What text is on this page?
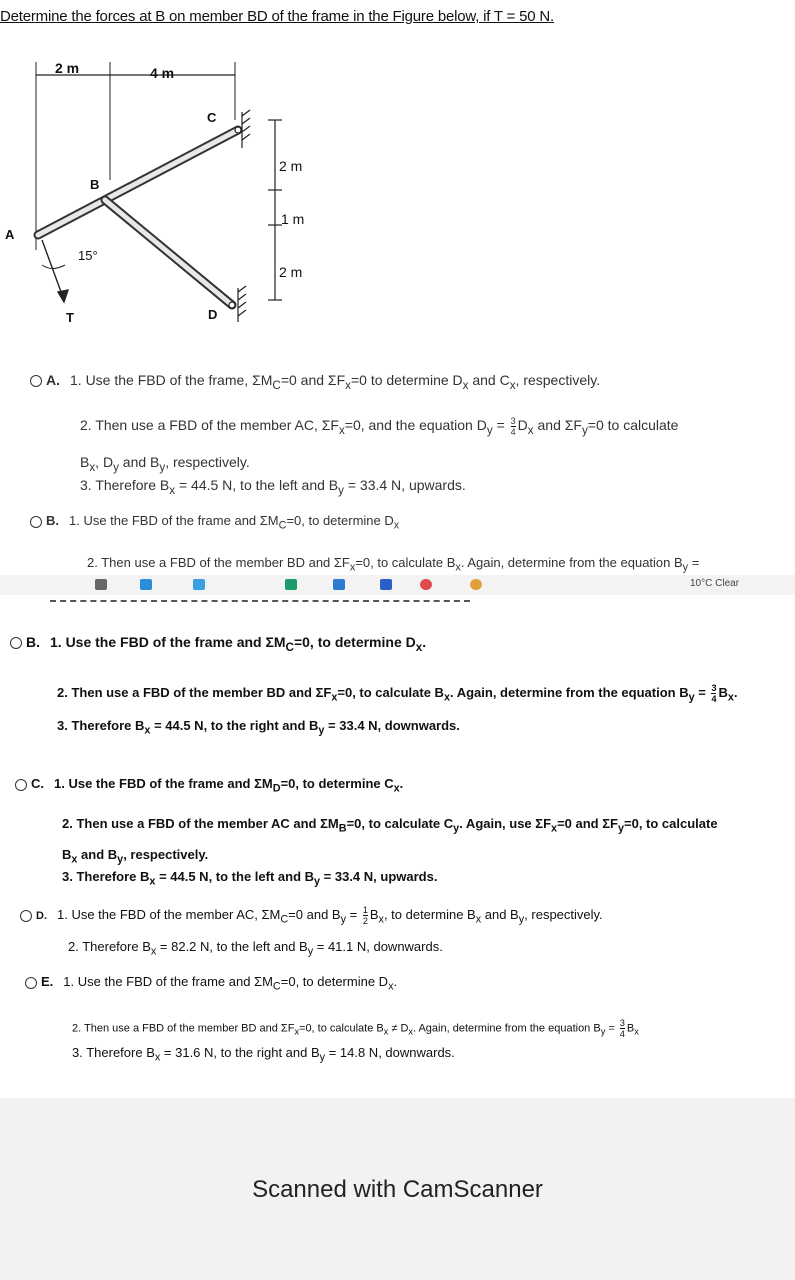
Determine the forces at B on member BD of the frame in the Figure below, if T = 50 N.
2 m	4 m
A
B
C
D
T
15°
2 m
1 m
2 m
A. 1. Use the FBD of the frame, $\Sigma M_C=0$ and $\Sigma F_x=0$ to determine $D_x$ and $C_x$, respectively.
2. Then use a FBD of the member AC, $\Sigma F_x=0$, and the equation $D_y = \frac{3}{4} D_x$ and $\Sigma F_y=0$ to calculate
$B_x$, $D_y$ and $B_y$, respectively.
3. Therefore $B_x = 44.5$ N, to the left and $B_y = 33.4$ N, upwards.
B. 1. Use the FBD of the frame and $\Sigma M_C=0$, to determine $D_x$
2. Then use a FBD of the member BD and $\Sigma F_x=0$, to calculate $B_x$. Again, determine from the equation $B_y$ =
10°C Clear
B. 1. Use the FBD of the frame and $\Sigma M_C=0$, to determine $D_x$.
2. Then use a FBD of the member BD and $\Sigma F_x=0$, to calculate $B_x$. Again, determine from the equation $B_y = \frac{3}{4} B_x$.
3. Therefore $B_x = 44.5$ N, to the right and $B_y = 33.4$ N, downwards.
C. 1. Use the FBD of the frame and $\Sigma M_D=0$, to determine $C_x$.
2. Then use a FBD of the member AC and $\Sigma M_B=0$, to calculate $C_y$. Again, use $\Sigma F_x=0$ and $\Sigma F_y=0$, to calculate
$B_x$ and $B_y$, respectively.
3. Therefore $B_x = 44.5$ N, to the left and $B_y = 33.4$ N, upwards.
D. 1. Use the FBD of the member AC, $\Sigma M_C=0$ and $B_y = \frac{1}{2} B_x$, to determine $B_x$ and $B_y$, respectively.
2. Therefore $B_x = 82.2$ N, to the left and $B_y = 41.1$ N, downwards.
E. 1. Use the FBD of the frame and $\Sigma M_C=0$, to determine $D_x$.
2. Then use a FBD of the member BD and $\Sigma F_x=0$, to calculate $B_x \ne D_x$. Again, determine from the equation $B_y = \frac{3}{4} B_x$
3. Therefore $B_x = 31.6$ N, to the right and $B_y = 14.8$ N, downwards.
Scanned with CamScanner
